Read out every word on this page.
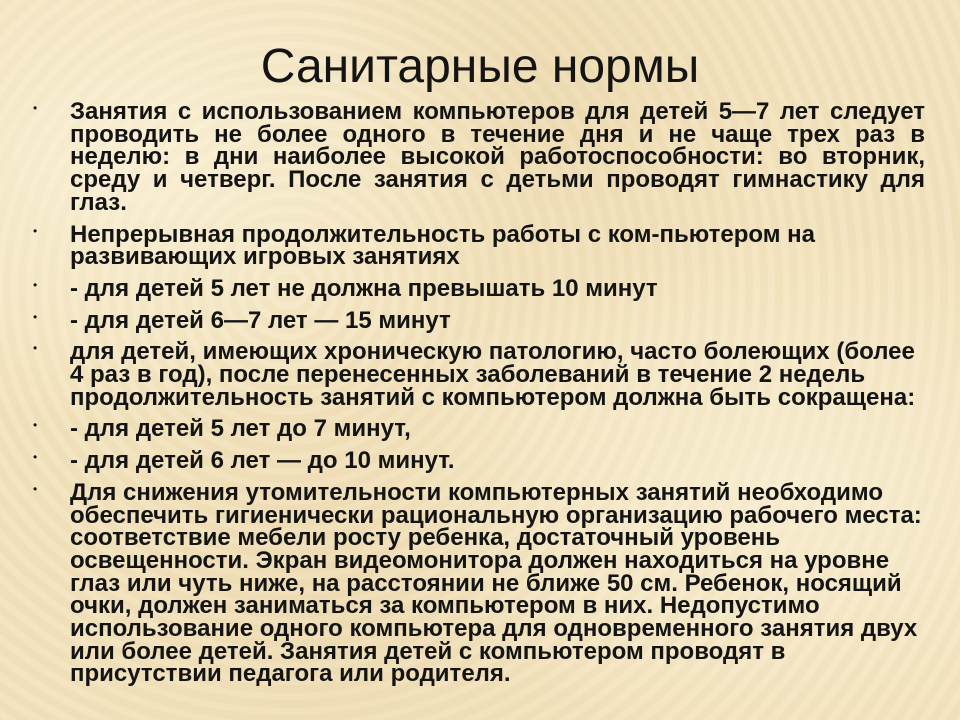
Санитарные нормы
• Занятия с использованием компьютеров для детей 5—7 лет следует
проводить не более одного в течение дня и не чаще трех раз в
неделю: в дни наиболее высокой работоспособности: во вторник,
среду и четверг. После занятия с детьми проводят гимнастику для
глаз.
• Непрерывная продолжительность работы с ком-пьютером на
развивающих игровых занятиях
• - для детей 5 лет не должна превышать 10 минут
• - для детей 6—7 лет — 15 минут
• для детей, имеющих хроническую патологию, часто болеющих (более
4 раз в год), после перенесенных заболеваний в течение 2 недель
продолжительность занятий с компьютером должна быть сокращена:
• - для детей 5 лет до 7 минут,
• - для детей 6 лет — до 10 минут.
• Для снижения утомительности компьютерных занятий необходимо
обеспечить гигиенически рациональную организацию рабочего места:
соответствие мебели росту ребенка, достаточный уровень
освещенности. Экран видеомонитора должен находиться на уровне
глаз или чуть ниже, на расстоянии не ближе 50 см. Ребенок, носящий
очки, должен заниматься за компьютером в них. Недопустимо
использование одного компьютера для одновременного занятия двух
или более детей. Занятия детей с компьютером проводят в
присутствии педагога или родителя.
